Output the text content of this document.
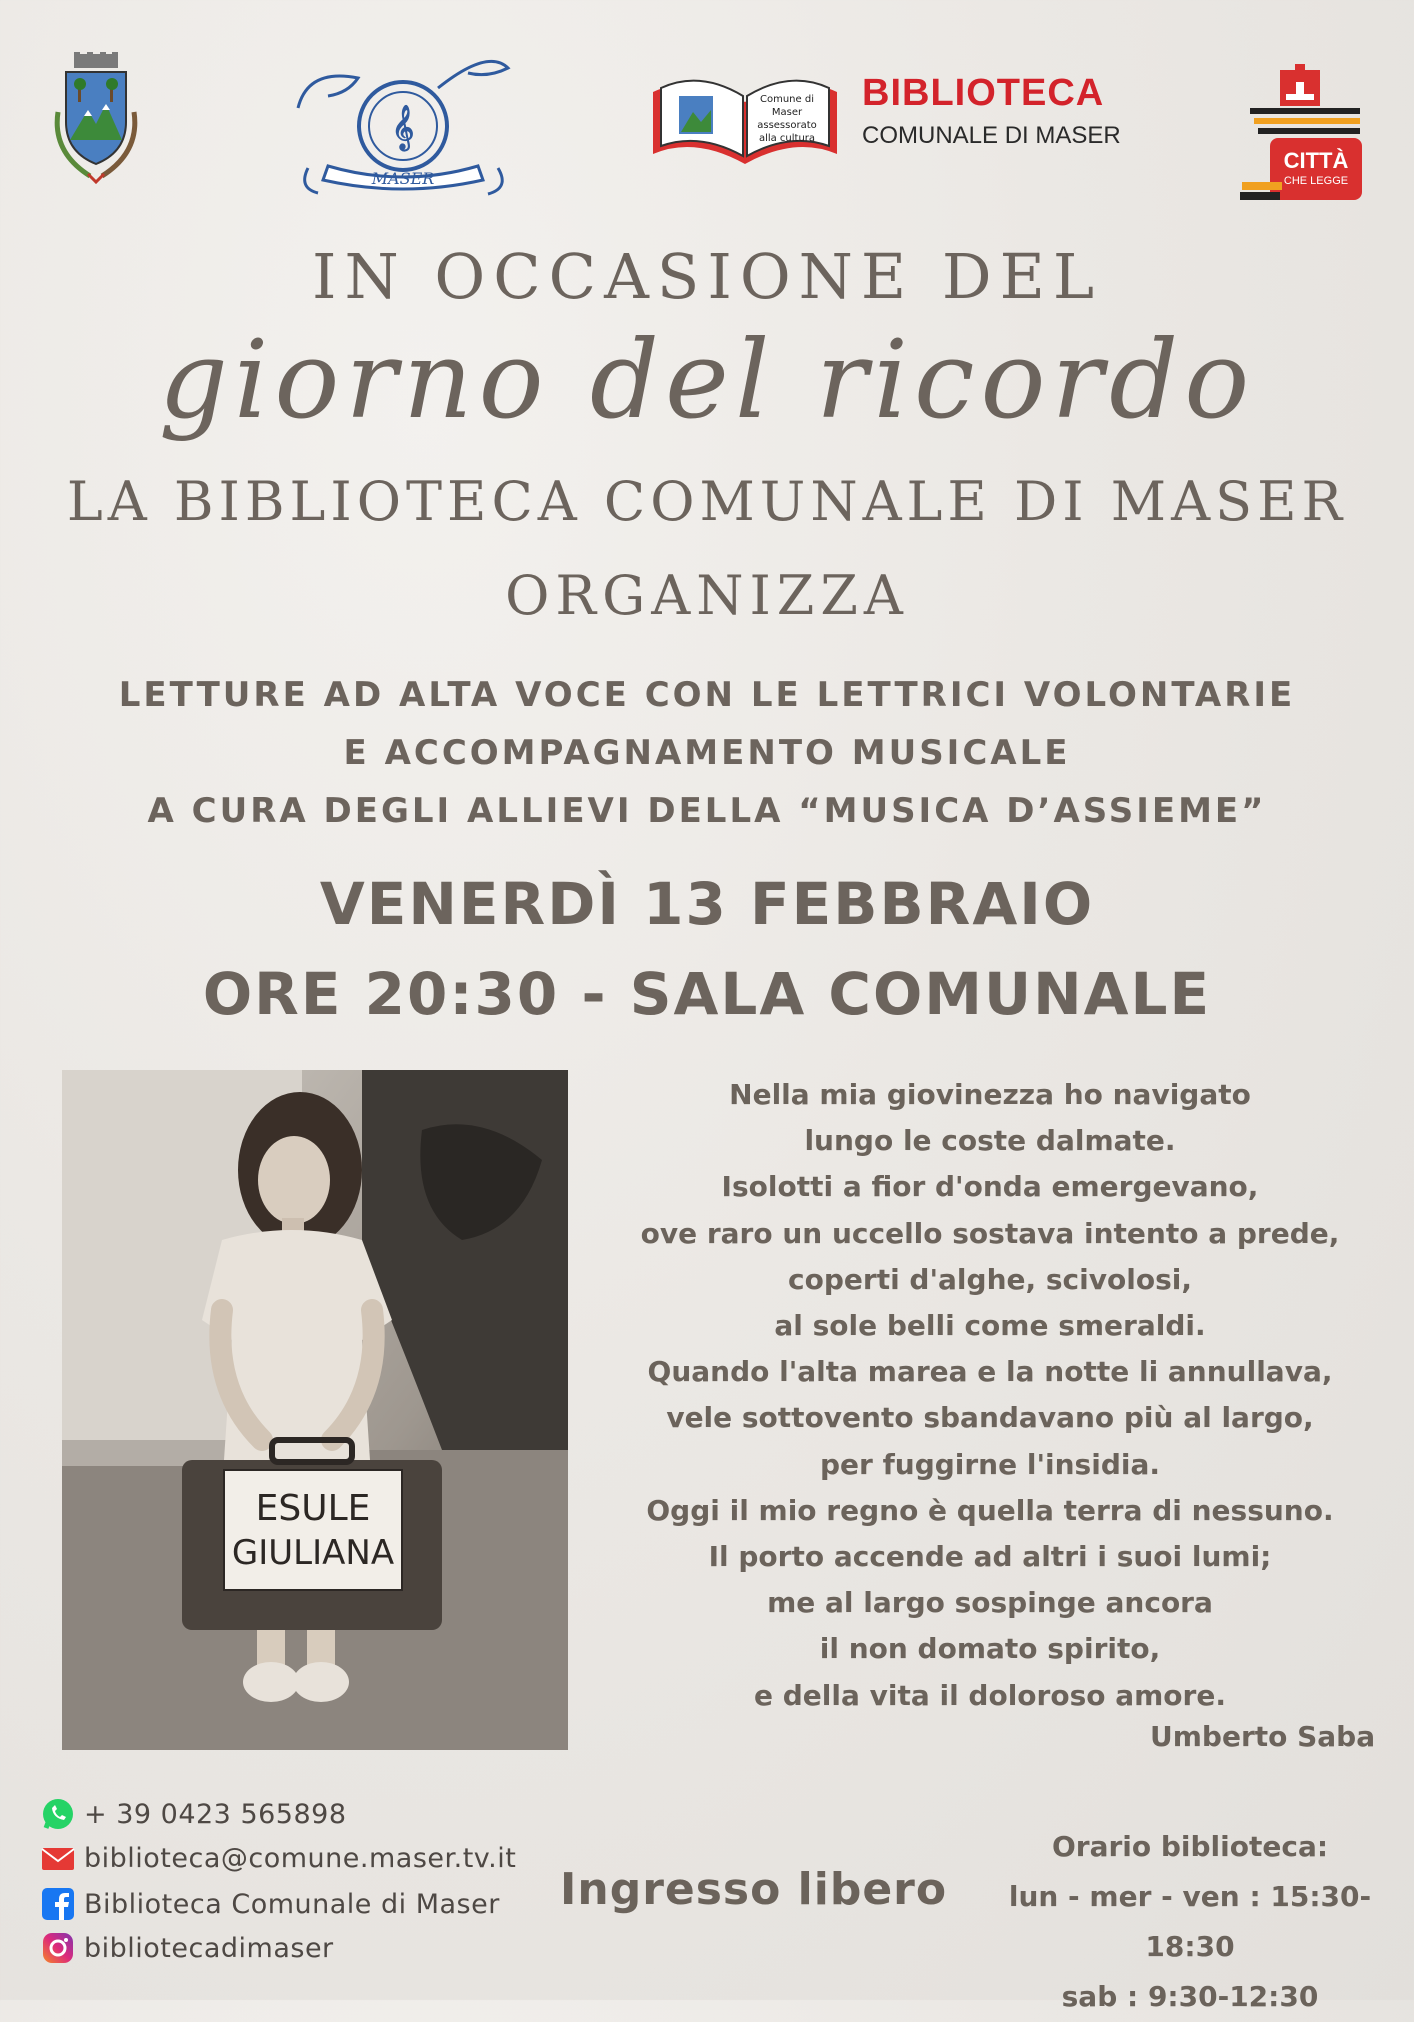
𝄞
MASER
Comune di
Maser
assessorato
alla cultura
BIBLIOTECA
COMUNALE DI MASER
CITTÀ
CHE LEGGE
IN OCCASIONE DEL
giorno del ricordo
LA BIBLIOTECA COMUNALE DI MASER
ORGANIZZA
LETTURE AD ALTA VOCE CON LE LETTRICI VOLONTARIE
E ACCOMPAGNAMENTO MUSICALE
A CURA DEGLI ALLIEVI DELLA “MUSICA D’ASSIEME”
VENERDÌ 13 FEBBRAIO
ORE 20:30 - SALA COMUNALE
ESULE
GIULIANA
Nella mia giovinezza ho navigato
lungo le coste dalmate.
Isolotti a fior d'onda emergevano,
ove raro un uccello sostava intento a prede,
coperti d'alghe, scivolosi,
al sole belli come smeraldi.
Quando l'alta marea e la notte li annullava,
vele sottovento sbandavano più al largo,
per fuggirne l'insidia.
Oggi il mio regno è quella terra di nessuno.
Il porto accende ad altri i suoi lumi;
me al largo sospinge ancora
il non domato spirito,
e della vita il doloroso amore.
Umberto Saba
+ 39 0423 565898
biblioteca@comune.maser.tv.it
Biblioteca Comunale di Maser
bibliotecadimaser
Ingresso libero
Orario biblioteca:
lun - mer - ven : 15:30-18:30
sab : 9:30-12:30
